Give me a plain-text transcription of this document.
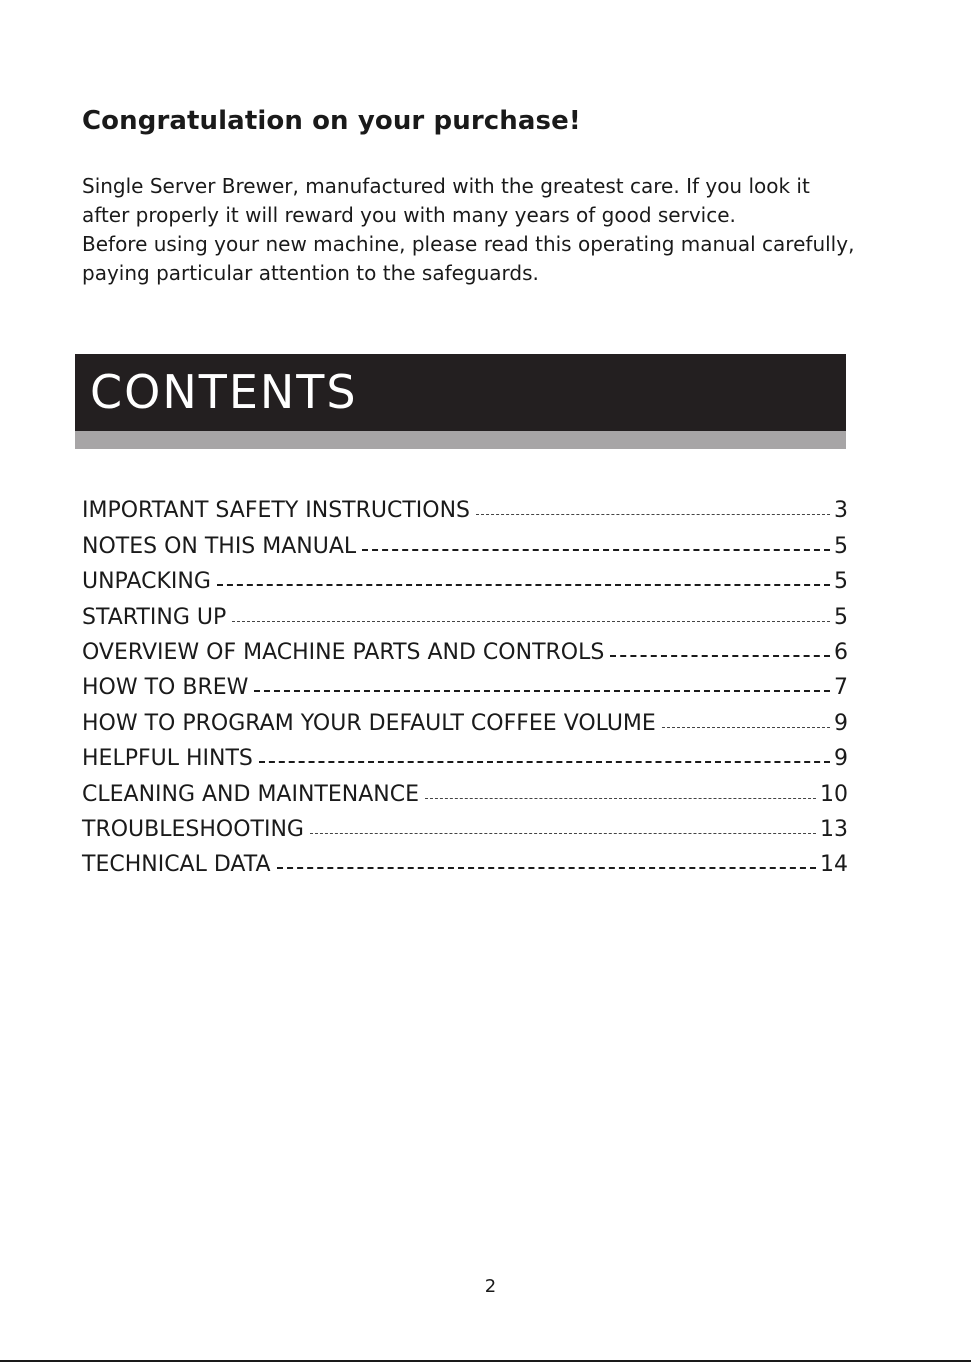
Congratulation on your purchase!

Single Server Brewer, manufactured with the greatest care. If you look it after properly it will reward you with many years of good service.

Before using your new machine, please read this operating manual carefully, paying particular attention to the safeguards.

CONTENTS
IMPORTANT SAFETY INSTRUCTIONS	3
NOTES ON THIS MANUAL	5
UNPACKING	5
STARTING UP	5
OVERVIEW OF MACHINE PARTS AND CONTROLS	6
HOW TO BREW	7
HOW TO PROGRAM YOUR DEFAULT COFFEE VOLUME	9
HELPFUL HINTS	9
CLEANING AND MAINTENANCE	10
TROUBLESHOOTING	13
TECHNICAL DATA	14
2
